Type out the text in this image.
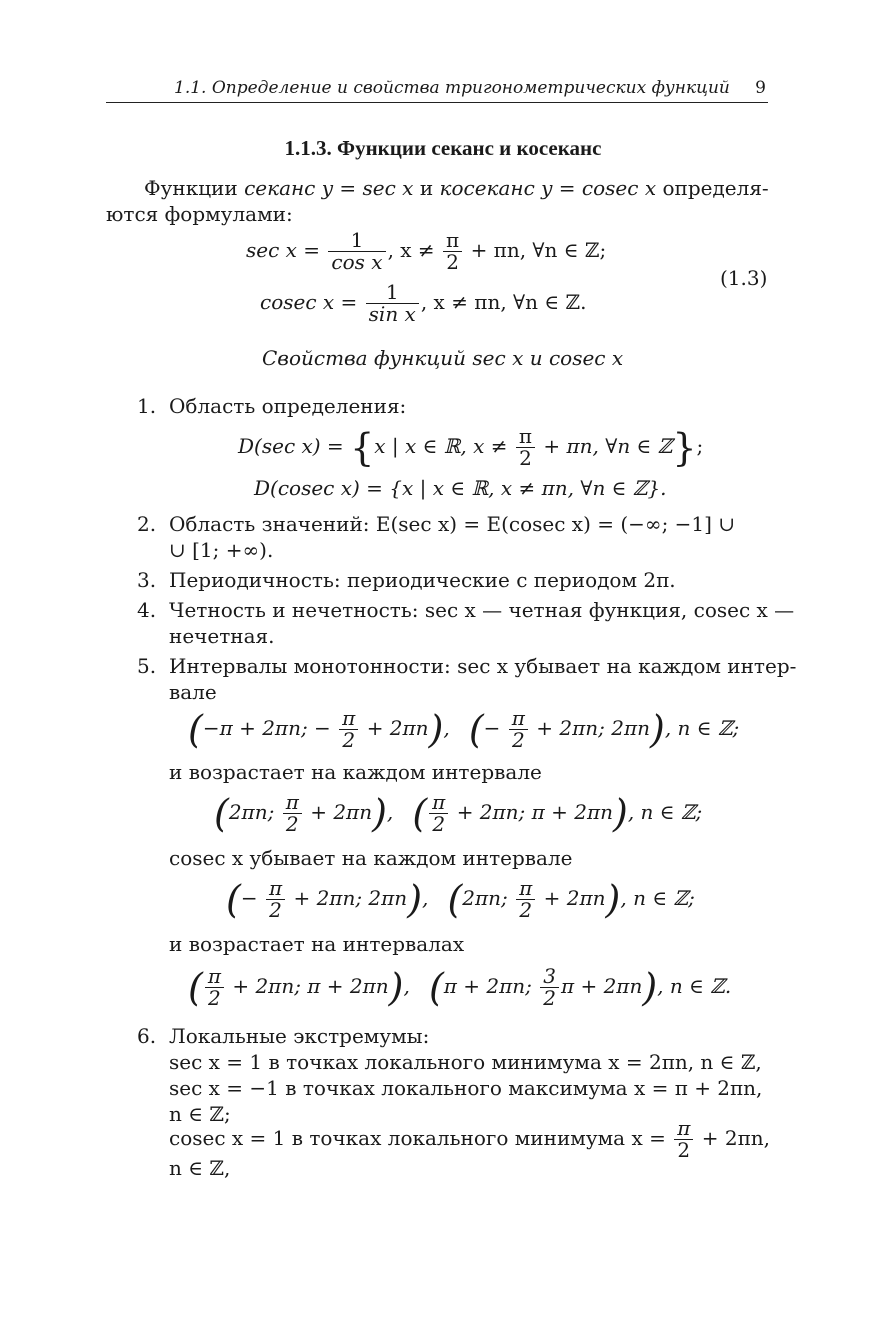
1.1. Определение и свойства тригонометрических функций 9
1.1.3. Функции секанс и косеканс
Функции секанс y = sec x и косеканс y = cosec x определя-
ются формулами:
$\sec x = \frac{1}{\text{cos x}}$ , $x \ne \frac{\pi}{2} + \pi n$, ∀n ∈ ℤ;
cosec $x = \frac{1}{\text{sin x}}$ , x ≠ πn, ∀n ∈ ℤ.
(1.3)
Свойства функций sec x и cosec x
1. Область определения:
D(sec x) = {x | x ∈ ℝ, $x \ne \frac{\pi}{2} + \pi n$, ∀n ∈ ℤ};
D(cosec x) = {x | x ∈ ℝ, x ≠ πn, ∀n ∈ ℤ}.
2. Область значений: E(sec x) = E(cosec x) = (−∞; −1] ∪
∪ [1; +∞).
3. Периодичность: периодические с периодом 2π.
4. Четность и нечетность: sec x — четная функция, cosec x —
нечетная.
5. Интервалы монотонности: sec x убывает на каждом интер-
вале
(−π + 2πn; − $\frac{\pi}{2} + 2\pi n$), (− $\frac{\pi}{2} + 2\pi n$; 2πn), n ∈ ℤ;
и возрастает на каждом интервале
(2πn; $\frac{\pi}{2} + 2\pi n$), ( $\frac{\pi}{2} + 2\pi n$; π + 2πn), n ∈ ℤ;
cosec x убывает на каждом интервале
(− $\frac{\pi}{2} + 2\pi n$; 2πn), (2πn; $\frac{\pi}{2} + 2\pi n$), n ∈ ℤ;
и возрастает на интервалах
( $\frac{\pi}{2} + 2\pi n$; π + 2πn), (π + 2πn; $\frac{3}{2}$ π + 2πn), n ∈ ℤ.
6. Локальные экстремумы:
sec x = 1 в точках локального минимума x = 2πn, n ∈ ℤ,
sec x = −1 в точках локального максимума x = π + 2πn,
n ∈ ℤ;
cosec x = 1 в точках локального минимума $x = \frac{\pi}{2} + 2\pi n$,
n ∈ ℤ,
